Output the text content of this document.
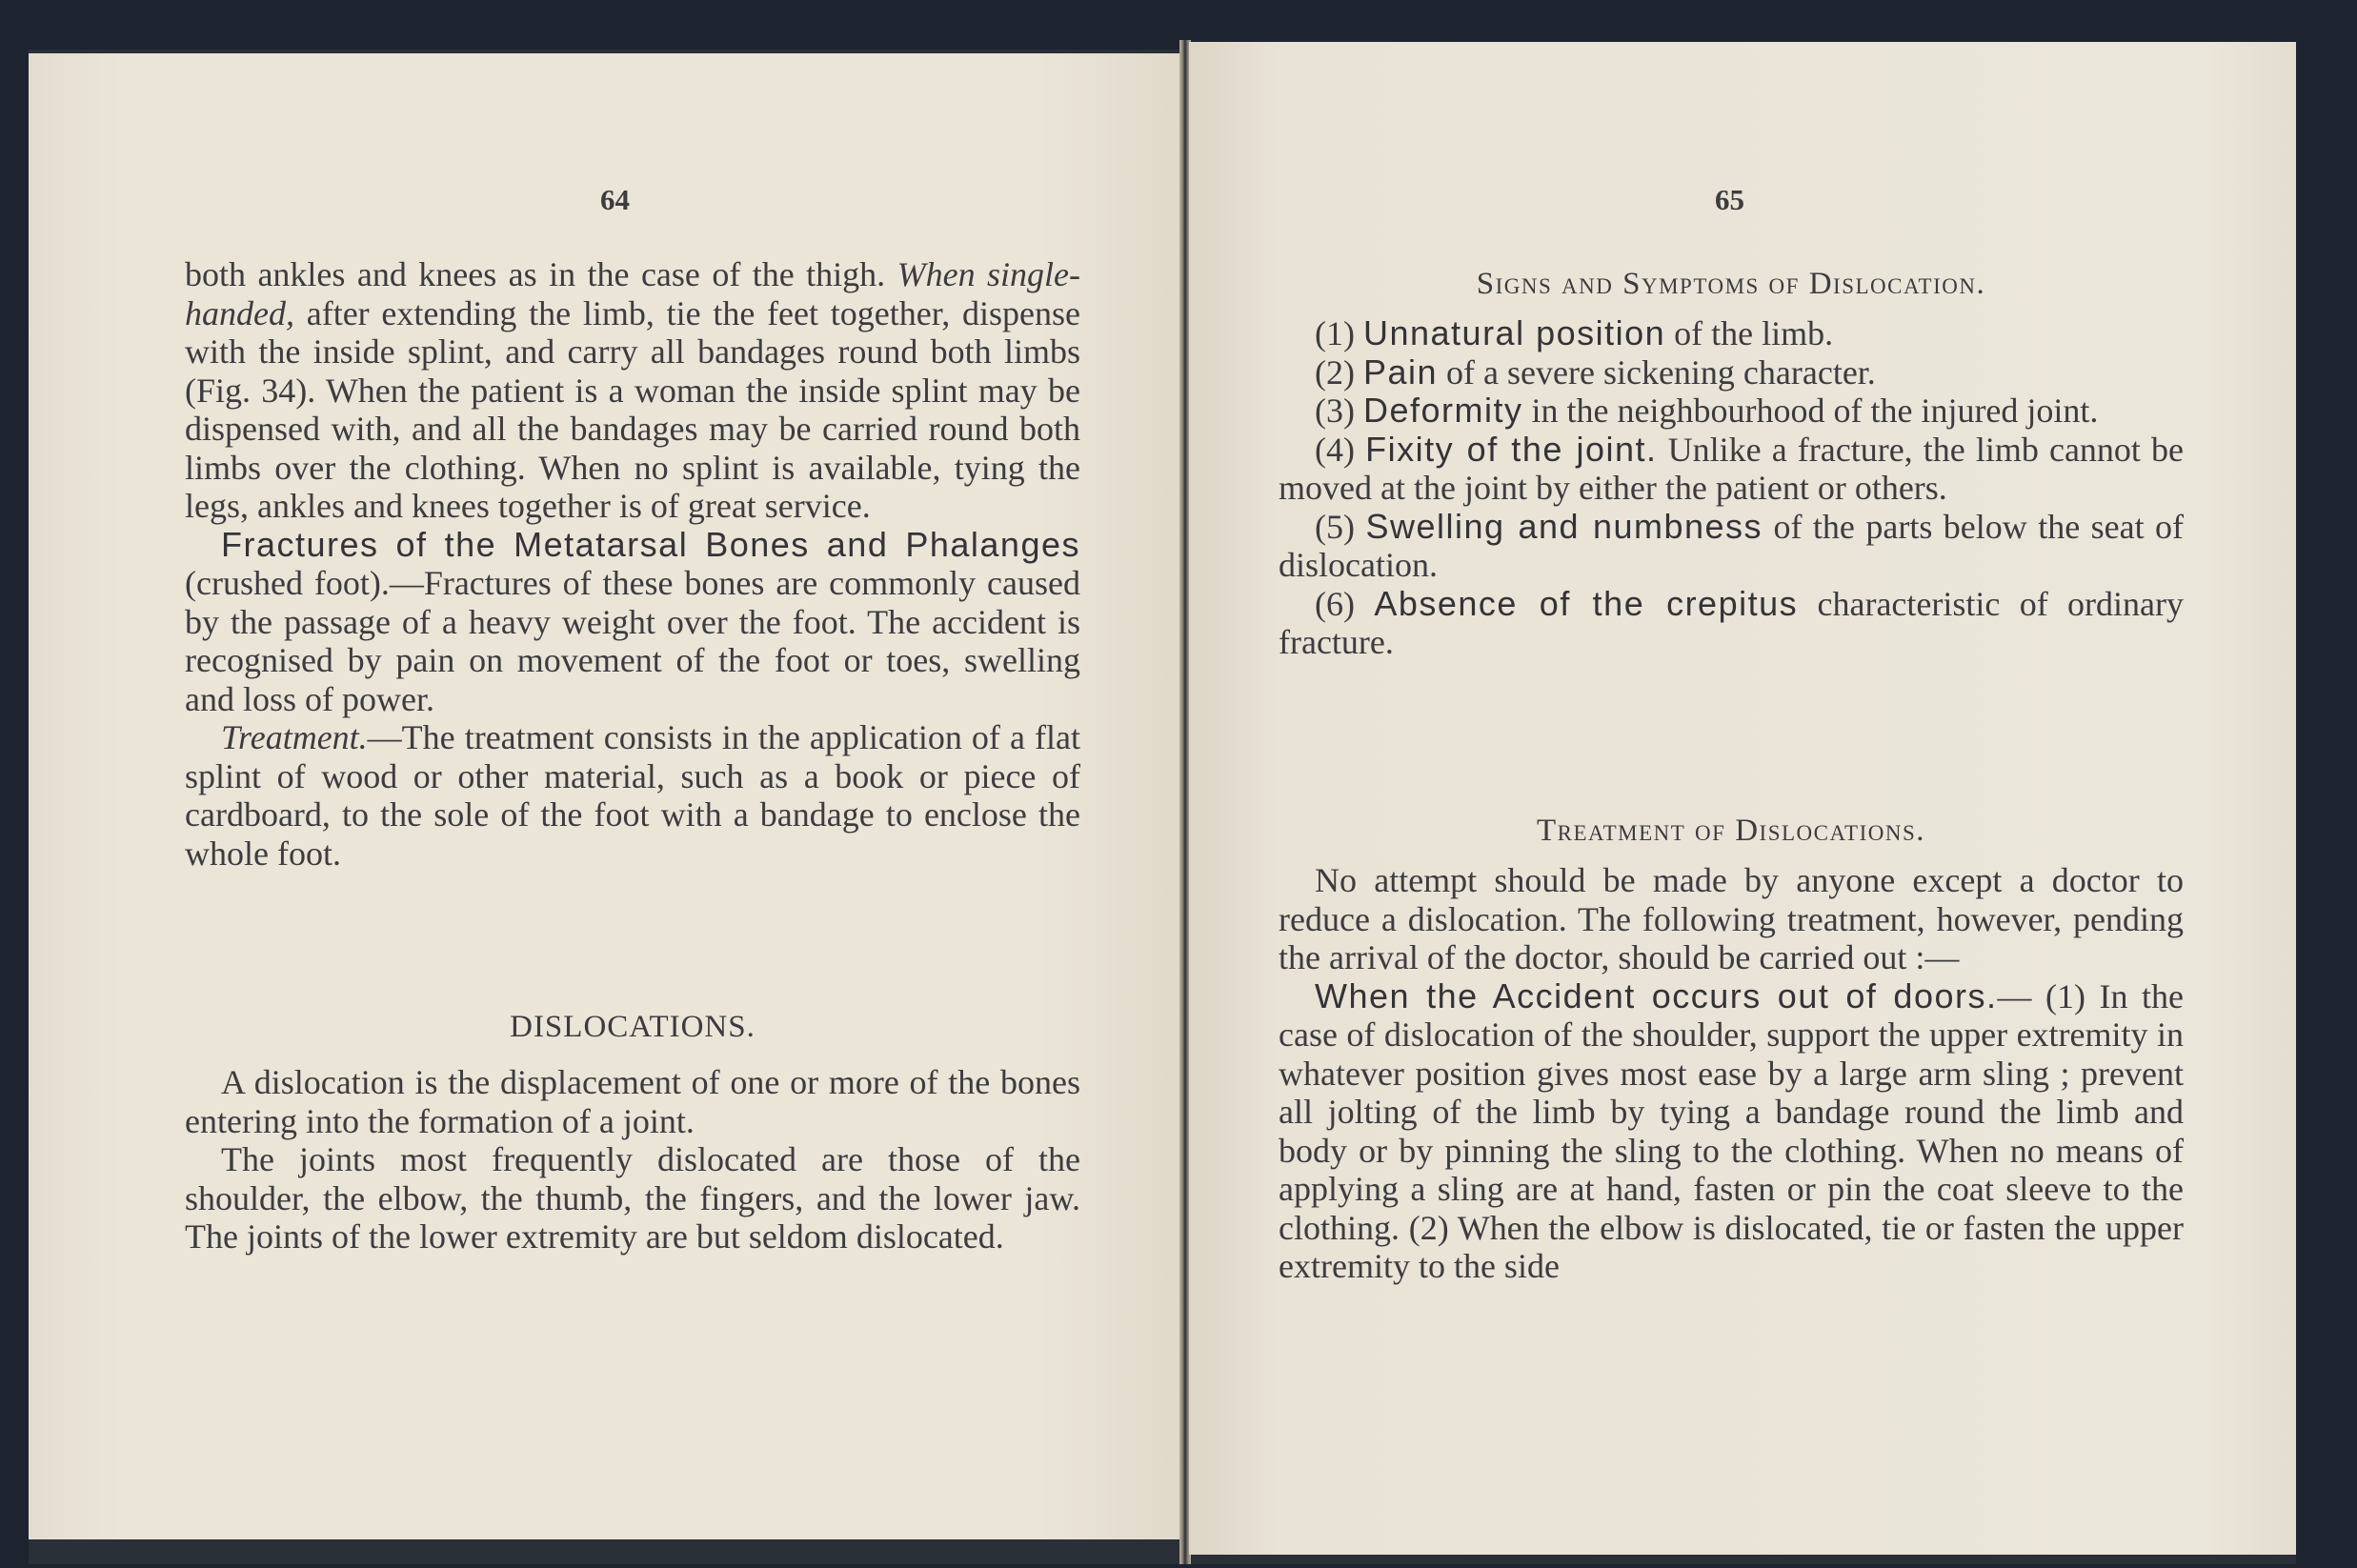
64

both ankles and knees as in the case of the thigh. When single-handed, after extending the limb, tie the feet together, dispense with the inside splint, and carry all bandages round both limbs (Fig. 34). When the patient is a woman the inside splint may be dispensed with, and all the bandages may be carried round both limbs over the clothing. When no splint is available, tying the legs, ankles and knees together is of great service.

Fractures of the Metatarsal Bones and Phalanges (crushed foot).—Fractures of these bones are commonly caused by the passage of a heavy weight over the foot. The accident is recognised by pain on movement of the foot or toes, swelling and loss of power.

Treatment.—The treatment consists in the application of a flat splint of wood or other material, such as a book or piece of cardboard, to the sole of the foot with a bandage to enclose the whole foot.

DISLOCATIONS.

A dislocation is the displacement of one or more of the bones entering into the formation of a joint.

The joints most frequently dislocated are those of the shoulder, the elbow, the thumb, the fingers, and the lower jaw. The joints of the lower extremity are but seldom dislocated.

65
Signs and Symptoms of Dislocation.

(1) Unnatural position of the limb.

(2) Pain of a severe sickening character.

(3) Deformity in the neighbourhood of the injured joint.

(4) Fixity of the joint. Unlike a fracture, the limb cannot be moved at the joint by either the patient or others.

(5) Swelling and numbness of the parts below the seat of dislocation.

(6) Absence of the crepitus characteristic of ordinary fracture.

Treatment of Dislocations.

No attempt should be made by anyone except a doctor to reduce a dislocation. The following treatment, however, pending the arrival of the doctor, should be carried out :—

When the Accident occurs out of doors.— (1) In the case of dislocation of the shoulder, support the upper extremity in whatever position gives most ease by a large arm sling ; prevent all jolting of the limb by tying a bandage round the limb and body or by pinning the sling to the clothing. When no means of applying a sling are at hand, fasten or pin the coat sleeve to the clothing. (2) When the elbow is dislocated, tie or fasten the upper extremity to the side
